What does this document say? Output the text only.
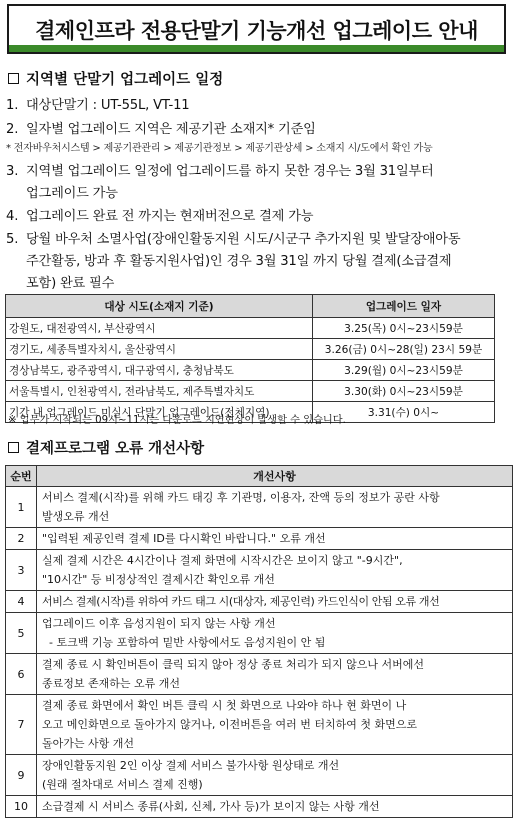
결제인프라 전용단말기 기능개선 업그레이드 안내
지역별 단말기 업그레이드 일정
1. 대상단말기 : UT-55L, VT-11
2. 일자별 업그레이드 지역은 제공기관 소재지* 기준임
* 전자바우처시스템 > 제공기관관리 > 제공기관정보 > 제공기관상세 > 소재지 시/도에서 확인 가능
3. 지역별 업그레이드 일정에 업그레이드를 하지 못한 경우는 3월 31일부터
업그레이드 가능
4. 업그레이드 완료 전 까지는 현재버전으로 결제 가능
5. 당월 바우처 소멸사업(장애인활동지원 시도/시군구 추가지원 및 발달장애아동
주간활동, 방과 후 활동지원사업)인 경우 3월 31일 까지 당월 결제(소급결제
포함) 완료 필수
대상 시도(소재지 기준)	업그레이드 일자
강원도, 대전광역시, 부산광역시	3.25(목) 0시~23시59분
경기도, 세종특별자치시, 울산광역시	3.26(금) 0시~28(일) 23시 59분
경상남북도, 광주광역시, 대구광역시, 충청남북도	3.29(월) 0시~23시59분
서울특별시, 인천광역시, 전라남북도, 제주특별자치도	3.30(화) 0시~23시59분
기간 내 업그레이드 미실시 단말기 업그레이드(전체지역)	3.31(수) 0시~
※ 업무가 시작되는 09시~11시는 다운로드 지연현상이 발생할 수 있습니다.
결제프로그램 오류 개선사항
순번	개선사항
1	서비스 결제(시작)를 위해 카드 태깅 후 기관명, 이용자, 잔액 등의 정보가 공란 사항
발생오류 개선

2	"입력된 제공인력 결제 ID를 다시확인 바랍니다." 오류 개선

3	실제 결제 시간은 4시간이나 결제 화면에 시작시간은 보이지 않고 "-9시간",
"10시간" 등 비정상적인 결제시간 확인오류 개선

4	서비스 결제(시작)를 위하여 카드 태그 시(대상자, 제공인력) 카드인식이 안됨 오류 개선

5	업그레이드 이후 음성지원이 되지 않는 사항 개선
- 토크백 기능 포함하여 밑반 사항에서도 음성지원이 안 됨

6	결제 종료 시 확인버튼이 클릭 되지 않아 정상 종료 처리가 되지 않으나 서버에선
종료정보 존재하는 오류 개선

7	결제 종료 화면에서 확인 버튼 클릭 시 첫 화면으로 나와야 하나 현 화면이 나
오고 메인화면으로 돌아가지 않거나, 이전버튼을 여러 번 터치하여 첫 화면으로
돌아가는 사항 개선

9	장애인활동지원 2인 이상 결제 서비스 불가사항 원상태로 개선
(원래 절차대로 서비스 결제 진행)

10	소급결제 시 서비스 종류(사회, 신체, 가사 등)가 보이지 않는 사항 개선
